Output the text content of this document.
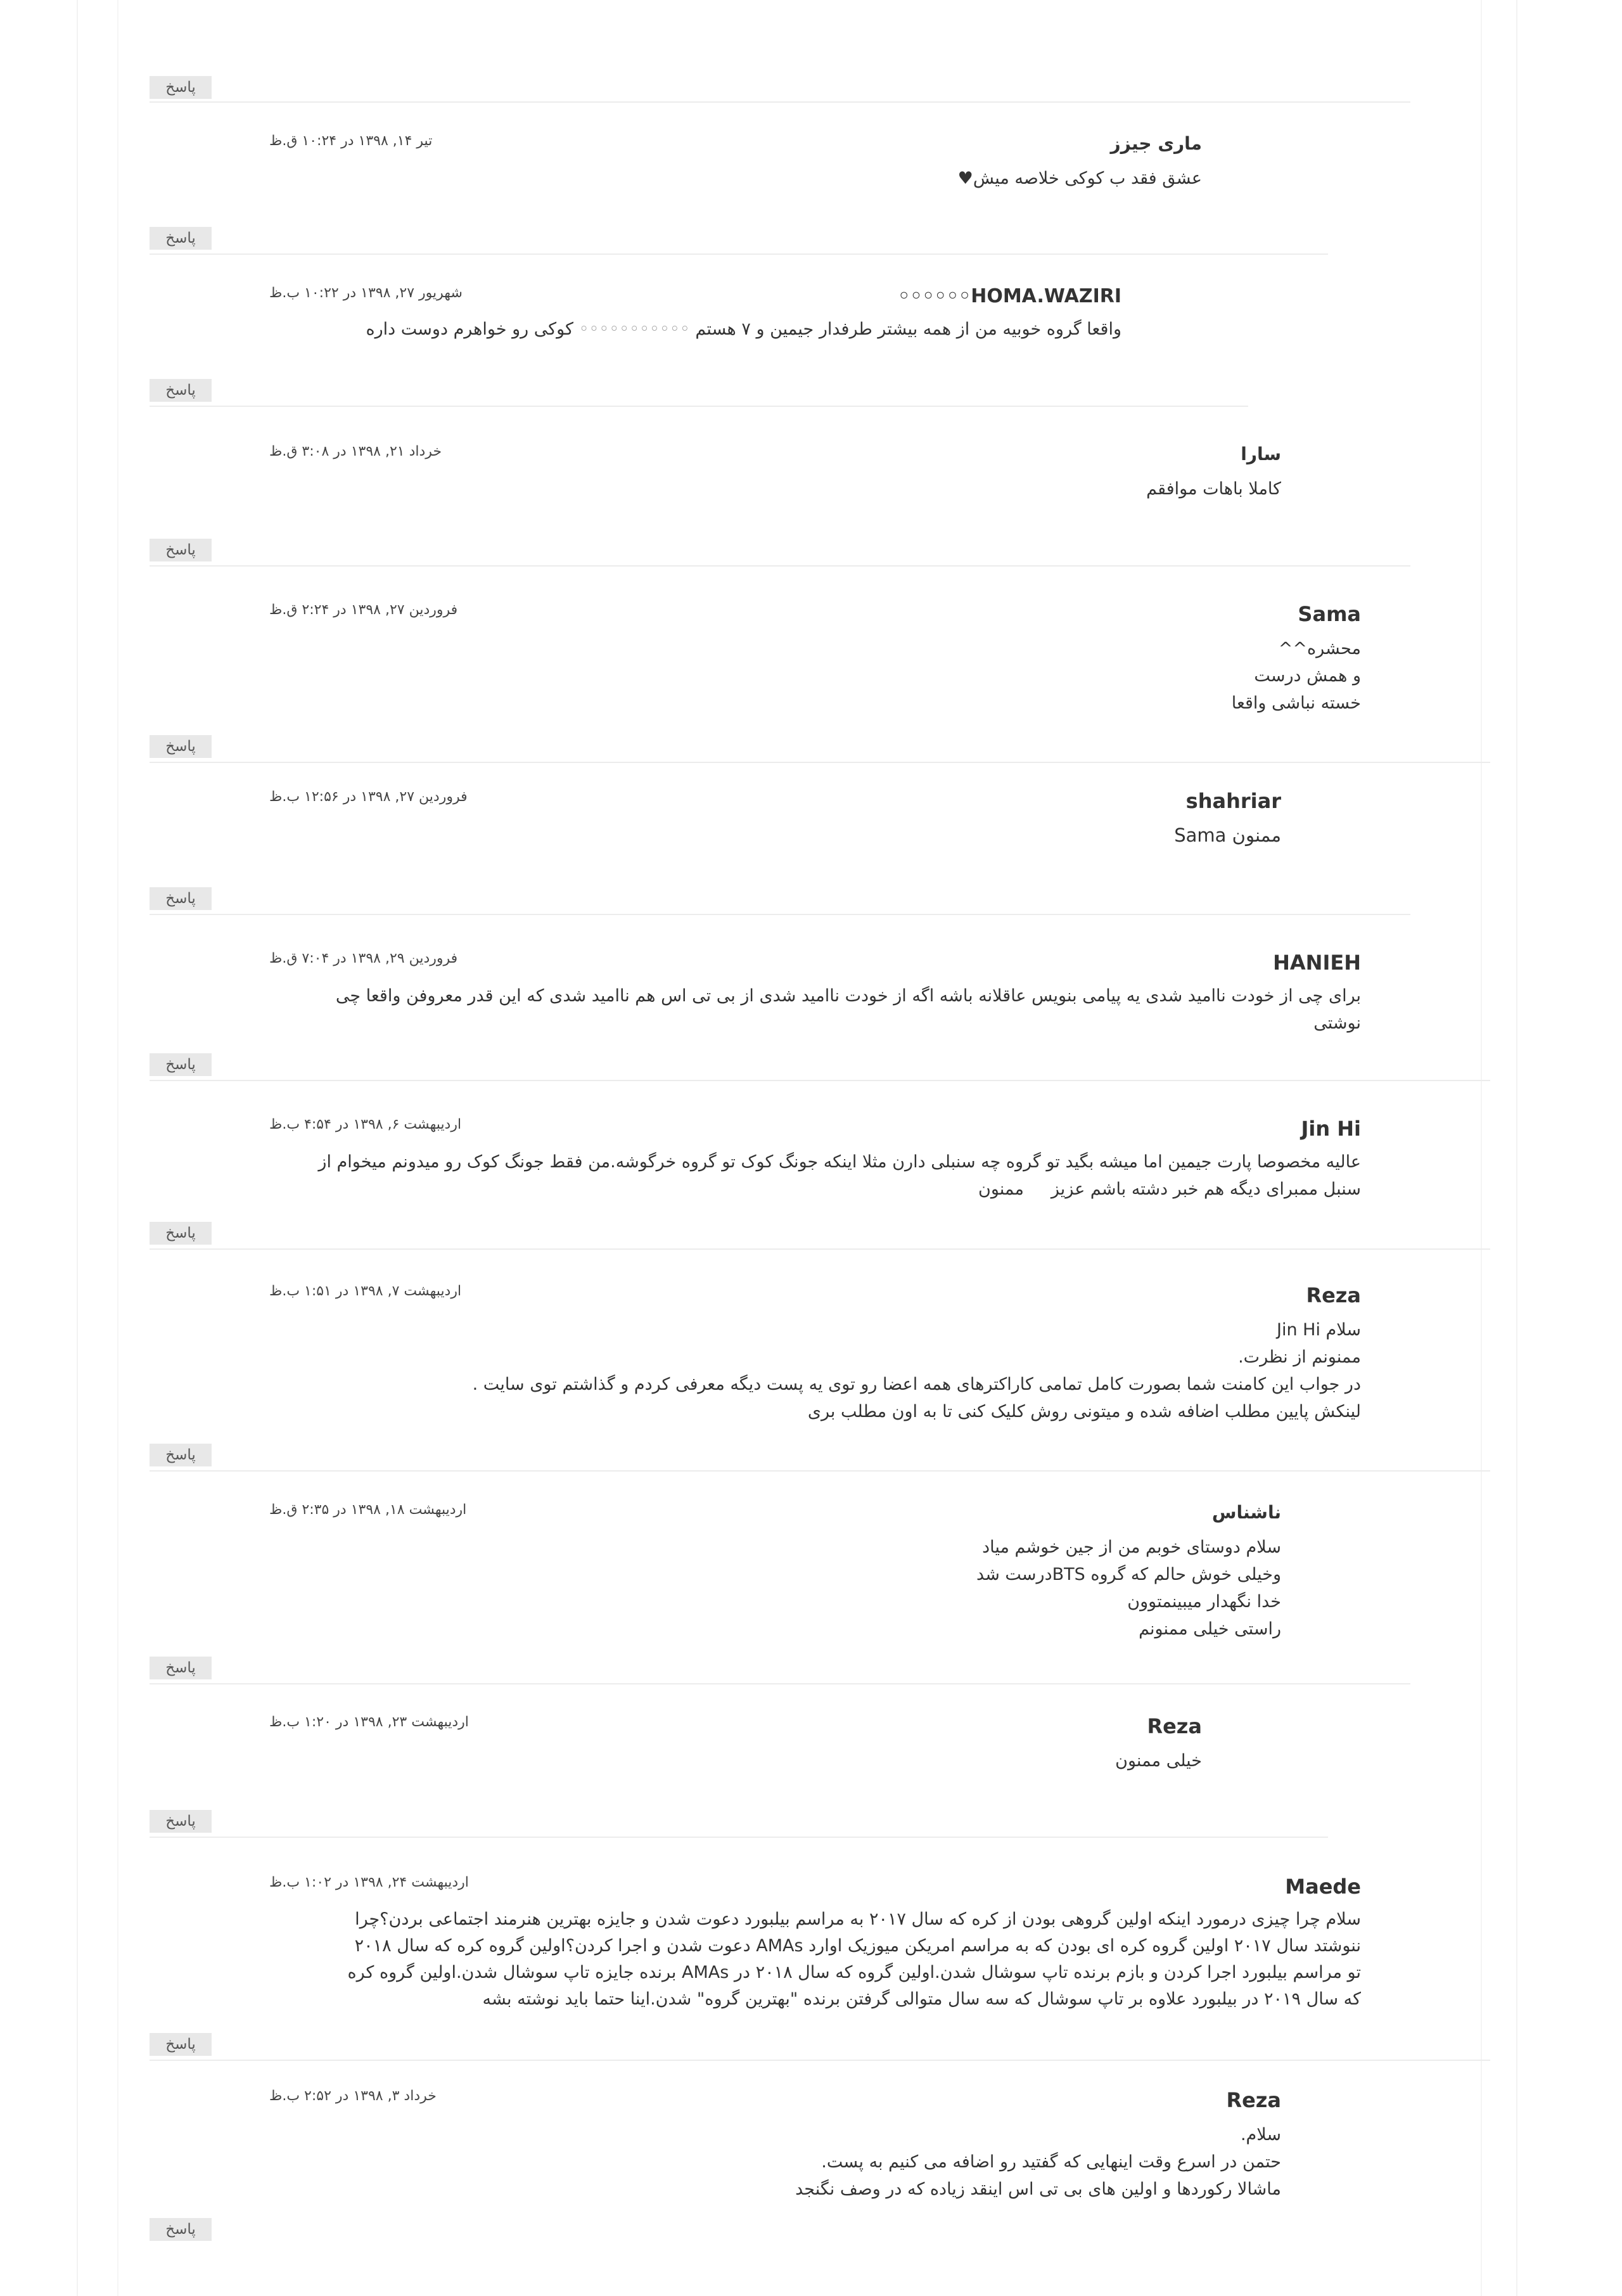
پاسخ
ماری جیزز
تیر ۱۴, ۱۳۹۸ در ۱۰:۲۴ ق.ظ

عشق فقد ب کوکی خلاصه میش♥

پاسخ
HOMA.WAZIRI◦◦◦◦◦◦
شهریور ۲۷, ۱۳۹۸ در ۱۰:۲۲ ب.ظ

واقعا گروه خوبیه من از همه بیشتر طرفدار جیمین و ۷ هستم ◦◦◦◦◦◦◦◦◦◦◦ کوکی رو خواهرم دوست داره

پاسخ
سارا
خرداد ۲۱, ۱۳۹۸ در ۳:۰۸ ق.ظ

کاملا باهات موافقم

پاسخ
Sama
فروردین ۲۷, ۱۳۹۸ در ۲:۲۴ ق.ظ

محشره^^

و همش درست

خسته نباشی واقعا

پاسخ
shahriar
فروردین ۲۷, ۱۳۹۸ در ۱۲:۵۶ ب.ظ

ممنون Sama

پاسخ
HANIEH
فروردین ۲۹, ۱۳۹۸ در ۷:۰۴ ق.ظ

برای چی از خودت ناامید شدی یه پیامی بنویس عاقلانه باشه اگه از خودت ناامید شدی از بی تی اس هم ناامید شدی که این قدر معروفن واقعا چی

نوشتی

پاسخ
Jin Hi
اردیبهشت ۶, ۱۳۹۸ در ۴:۵۴ ب.ظ

عالیه مخصوصا پارت جیمین اما میشه بگید تو گروه چه سنبلی دارن مثلا اینکه جونگ کوک تو گروه خرگوشه.من فقط جونگ کوک رو میدونم میخوام از

سنبل ممبرای دیگه هم خبر دشته باشم عزیز     ممنون

پاسخ
Reza
اردیبهشت ۷, ۱۳۹۸ در ۱:۵۱ ب.ظ

سلام Jin Hi

ممنونم از نظرت.

در جواب این کامنت شما بصورت کامل تمامی کاراکترهای همه اعضا رو توی یه پست دیگه معرفی کردم و گذاشتم توی سایت .

لینکش پایین مطلب اضافه شده و میتونی روش کلیک کنی تا به اون مطلب بری

پاسخ
ناشناس
اردیبهشت ۱۸, ۱۳۹۸ در ۲:۳۵ ق.ظ

سلام دوستای خوبم من از جین خوشم میاد

وخیلی خوش حالم که گروه BTSدرست شد

خدا نگهدار میبینمتوون

راستی خیلی ممنونم

پاسخ
Reza
اردیبهشت ۲۳, ۱۳۹۸ در ۱:۲۰ ب.ظ

خیلی ممنون

پاسخ
Maede
اردیبهشت ۲۴, ۱۳۹۸ در ۱:۰۲ ب.ظ

سلام چرا چیزی درمورد اینکه اولین گروهی بودن از کره که سال ۲۰۱۷ به مراسم بیلبورد دعوت شدن و جایزه بهترین هنرمند اجتماعی بردن؟چرا

ننوشتد سال ۲۰۱۷ اولین گروه کره ای بودن که به مراسم امریکن میوزیک اوارد AMAs دعوت شدن و اجرا کردن؟اولین گروه کره که سال ۲۰۱۸

تو مراسم بیلبورد اجرا کردن و بازم برنده تاپ سوشال شدن.اولین گروه که سال ۲۰۱۸ در AMAs برنده جایزه تاپ سوشال شدن.اولین گروه کره

که سال ۲۰۱۹ در بیلبورد علاوه بر تاپ سوشال که سه سال متوالی گرفتن برنده "بهترین گروه" شدن.اینا حتما باید نوشته بشه

پاسخ
Reza
خرداد ۳, ۱۳۹۸ در ۲:۵۲ ب.ظ

سلام.

حتمن در اسرع وقت اینهایی که گفتید رو اضافه می کنیم به پست.

ماشالا رکوردها و اولین های بی تی اس اینقد زیاده که در وصف نگنجد

پاسخ
